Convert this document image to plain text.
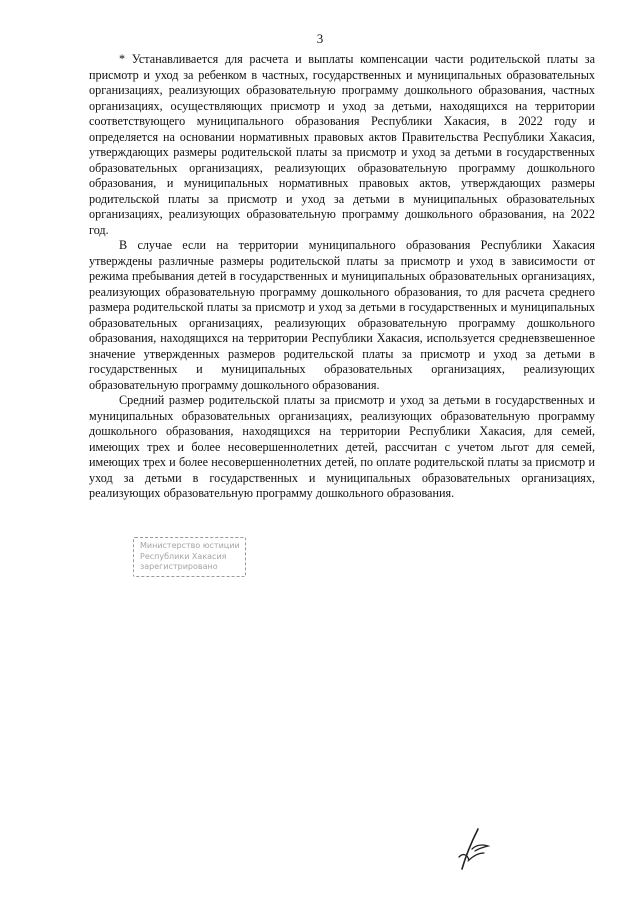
3

* Устанавливается для расчета и выплаты компенсации части родительской платы за присмотр и уход за ребенком в частных, государственных и муниципальных образовательных организациях, реализующих образовательную программу дошкольного образования, частных организациях, осуществляющих присмотр и уход за детьми, находящихся на территории соответствующего муниципального образования Республики Хакасия, в 2022 году и определяется на основании нормативных правовых актов Правительства Республики Хакасия, утверждающих размеры родительской платы за присмотр и уход за детьми в государственных образовательных организациях, реализующих образовательную программу дошкольного образования, и муниципальных нормативных правовых актов, утверждающих размеры родительской платы за присмотр и уход за детьми в муниципальных образовательных организациях, реализующих образовательную программу дошкольного образования, на 2022 год.

В случае если на территории муниципального образования Республики Хакасия утверждены различные размеры родительской платы за присмотр и уход в зависимости от режима пребывания детей в государственных и муниципальных образовательных организациях, реализующих образовательную программу дошкольного образования, то для расчета среднего размера родительской платы за присмотр и уход за детьми в государственных и муниципальных образовательных организациях, реализующих образовательную программу дошкольного образования, находящихся на территории Республики Хакасия, используется средневзвешенное значение утвержденных размеров родительской платы за присмотр и уход за детьми в государственных и муниципальных образовательных организациях, реализующих образовательную программу дошкольного образования.

Средний размер родительской платы за присмотр и уход за детьми в государственных и муниципальных образовательных организациях, реализующих образовательную программу дошкольного образования, находящихся на территории Республики Хакасия, для семей, имеющих трех и более несовершеннолетних детей, рассчитан с учетом льгот для семей, имеющих трех и более несовершеннолетних детей, по оплате родительской платы за присмотр и уход за детьми в государственных и муниципальных образовательных организациях, реализующих образовательную программу дошкольного образования.

Министерство юстиции
Республики Хакасия
зарегистрировано
